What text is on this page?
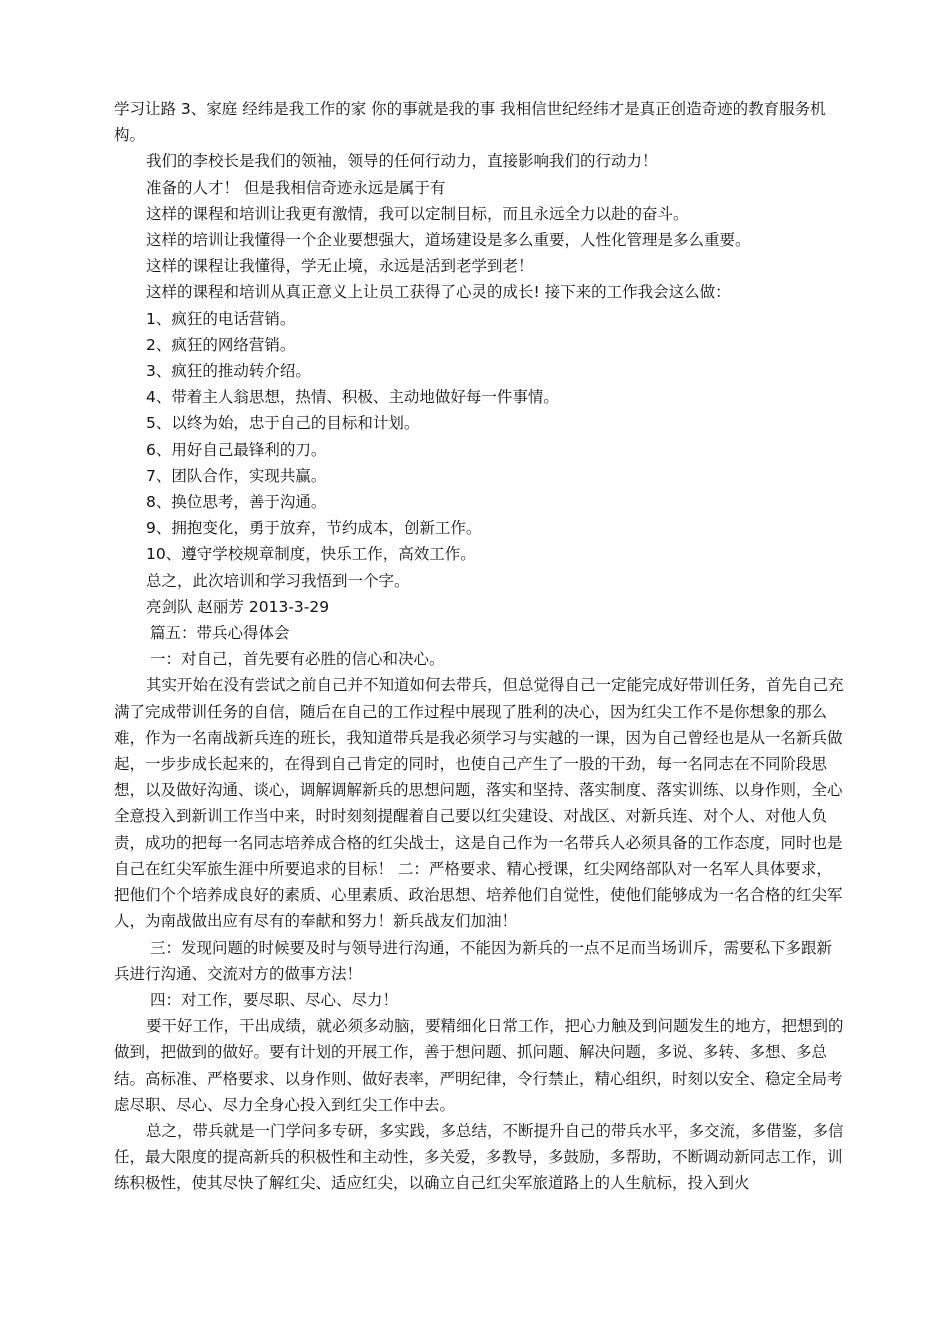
学习让路 3、家庭 经纬是我工作的家 你的事就是我的事 我相信世纪经纬才是真正创造奇迹的教育服务机构。

我们的李校长是我们的领袖，领导的任何行动力，直接影响我们的行动力！

准备的人才！ 但是我相信奇迹永远是属于有

这样的课程和培训让我更有激情，我可以定制目标，而且永远全力以赴的奋斗。

这样的培训让我懂得一个企业要想强大，道场建设是多么重要，人性化管理是多么重要。

这样的课程让我懂得，学无止境，永远是活到老学到老！

这样的课程和培训从真正意义上让员工获得了心灵的成长! 接下来的工作我会这么做：

1、疯狂的电话营销。

2、疯狂的网络营销。

3、疯狂的推动转介绍。

4、带着主人翁思想，热情、积极、主动地做好每一件事情。

5、以终为始，忠于自己的目标和计划。

6、用好自己最锋利的刀。

7、团队合作，实现共赢。

8、换位思考，善于沟通。

9、拥抱变化，勇于放弃，节约成本，创新工作。

10、遵守学校规章制度，快乐工作，高效工作。

总之，此次培训和学习我悟到一个字。

亮剑队 赵丽芳 2013-3-29

篇五：带兵心得体会

一：对自己，首先要有必胜的信心和决心。

其实开始在没有尝试之前自己并不知道如何去带兵，但总觉得自己一定能完成好带训任务，首先自己充满了完成带训任务的自信，随后在自己的工作过程中展现了胜利的决心，因为红尖工作不是你想象的那么难，作为一名南战新兵连的班长，我知道带兵是我必须学习与实越的一课，因为自己曾经也是从一名新兵做起，一步步成长起来的，在得到自己肯定的同时，也使自己产生了一股的干劲，每一名同志在不同阶段思想，以及做好沟通、谈心，调解调解新兵的思想问题，落实和坚持、落实制度、落实训练、以身作则，全心全意投入到新训工作当中来，时时刻刻提醒着自己要以红尖建设、对战区、对新兵连、对个人、对他人负责，成功的把每一名同志培养成合格的红尖战士，这是自己作为一名带兵人必须具备的工作态度，同时也是自己在红尖军旅生涯中所要追求的目标！ 二：严格要求、精心授课，红尖网络部队对一名军人具体要求，把他们个个培养成良好的素质、心里素质、政治思想、培养他们自觉性，使他们能够成为一名合格的红尖军人，为南战做出应有尽有的奉献和努力！新兵战友们加油！

三：发现问题的时候要及时与领导进行沟通，不能因为新兵的一点不足而当场训斥，需要私下多跟新兵进行沟通、交流对方的做事方法！

四：对工作，要尽职、尽心、尽力！

要干好工作，干出成绩，就必须多动脑，要精细化日常工作，把心力触及到问题发生的地方，把想到的做到，把做到的做好。要有计划的开展工作，善于想问题、抓问题、解决问题，多说、多转、多想、多总结。高标准、严格要求、以身作则、做好表率，严明纪律，令行禁止，精心组织，时刻以安全、稳定全局考虑尽职、尽心、尽力全身心投入到红尖工作中去。

总之，带兵就是一门学问多专研，多实践，多总结，不断提升自己的带兵水平，多交流，多借鉴，多信任，最大限度的提高新兵的积极性和主动性，多关爱，多教导，多鼓励，多帮助，不断调动新同志工作，训练积极性，使其尽快了解红尖、适应红尖，以确立自己红尖军旅道路上的人生航标，投入到火
